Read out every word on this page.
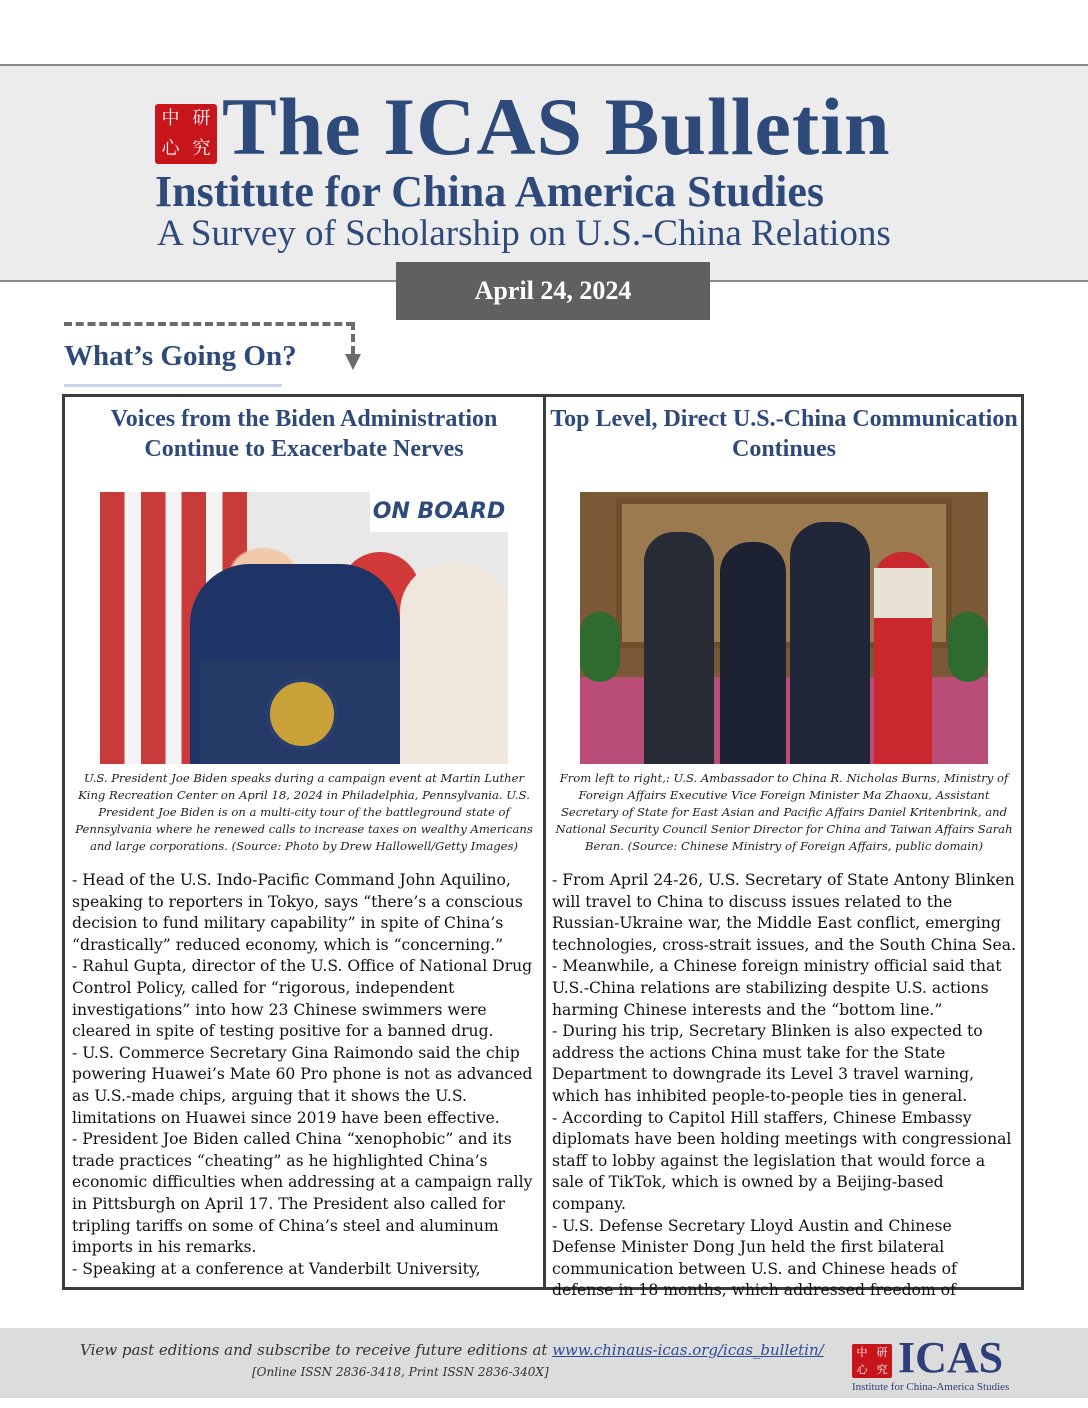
中 研
心 究 The ICAS Bulletin
Institute for China America Studies
A Survey of Scholarship on U.S.-China Relations
April 24, 2024
What’s Going On?
Voices from the Biden Administration Continue to Exacerbate Nerves
ON BOARD
U.S. President Joe Biden speaks during a campaign event at Martin Luther King Recreation Center on April 18, 2024 in Philadelphia, Pennsylvania. U.S. President Joe Biden is on a multi-city tour of the battleground state of Pennsylvania where he renewed calls to increase taxes on wealthy Americans and large corporations. (Source: Photo by Drew Hallowell/Getty Images)

- Head of the U.S. Indo-Pacific Command John Aquilino, speaking to reporters in Tokyo, says “there’s a conscious decision to fund military capability” in spite of China’s “drastically” reduced economy, which is “concerning.”

- Rahul Gupta, director of the U.S. Office of National Drug Control Policy, called for “rigorous, independent investigations” into how 23 Chinese swimmers were cleared in spite of testing positive for a banned drug.

- U.S. Commerce Secretary Gina Raimondo said the chip powering Huawei’s Mate 60 Pro phone is not as advanced as U.S.-made chips, arguing that it shows the U.S. limitations on Huawei since 2019 have been effective.

- President Joe Biden called China “xenophobic” and its trade practices “cheating” as he highlighted China’s economic difficulties when addressing at a campaign rally in Pittsburgh on April 17. The President also called for tripling tariffs on some of China’s steel and aluminum imports in his remarks.

- Speaking at a conference at Vanderbilt University,

Top Level, Direct U.S.-China Communication Continues
From left to right,: U.S. Ambassador to China R. Nicholas Burns, Ministry of Foreign Affairs Executive Vice Foreign Minister Ma Zhaoxu, Assistant Secretary of State for East Asian and Pacific Affairs Daniel Kritenbrink, and National Security Council Senior Director for China and Taiwan Affairs Sarah Beran. (Source: Chinese Ministry of Foreign Affairs, public domain)

- From April 24-26, U.S. Secretary of State Antony Blinken will travel to China to discuss issues related to the Russian-Ukraine war, the Middle East conflict, emerging technologies, cross-strait issues, and the South China Sea.

- Meanwhile, a Chinese foreign ministry official said that U.S.-China relations are stabilizing despite U.S. actions harming Chinese interests and the “bottom line.”

- During his trip, Secretary Blinken is also expected to address the actions China must take for the State Department to downgrade its Level 3 travel warning, which has inhibited people-to-people ties in general.

- According to Capitol Hill staffers, Chinese Embassy diplomats have been holding meetings with congressional staff to lobby against the legislation that would force a sale of TikTok, which is owned by a Beijing-based company.

- U.S. Defense Secretary Lloyd Austin and Chinese Defense Minister Dong Jun held the first bilateral communication between U.S. and Chinese heads of defense in 18 months, which addressed freedom of

View past editions and subscribe to receive future editions at www.chinaus-icas.org/icas_bulletin/
[Online ISSN 2836-3418, Print ISSN 2836-340X]
中 研
心 究 ICAS
Institute for China-America Studies
